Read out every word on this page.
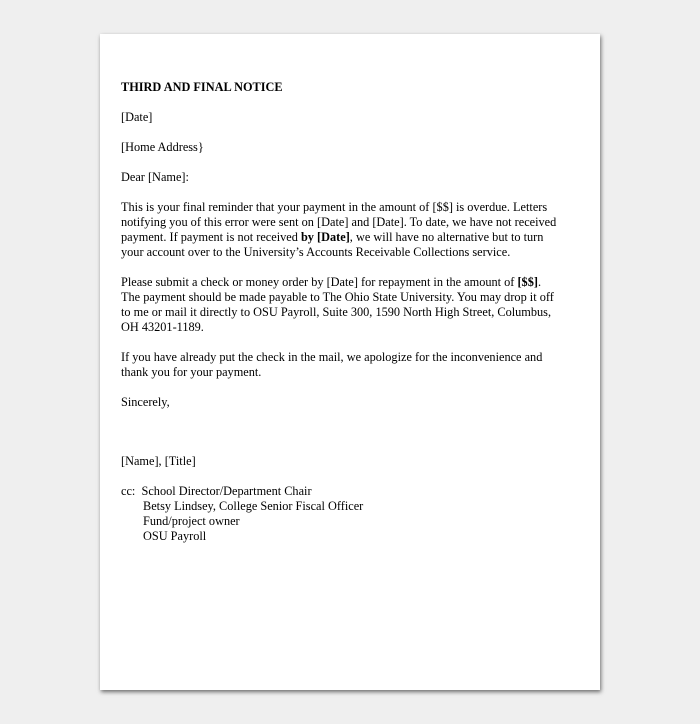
THIRD AND FINAL NOTICE
[Date]
[Home Address}
Dear [Name]:
This is your final reminder that your payment in the amount of [$$] is overdue. Letters
notifying you of this error were sent on [Date] and [Date]. To date, we have not received
payment. If payment is not received by [Date], we will have no alternative but to turn
your account over to the University’s Accounts Receivable Collections service.
Please submit a check or money order by [Date] for repayment in the amount of [$$].
The payment should be made payable to The Ohio State University. You may drop it off
to me or mail it directly to OSU Payroll, Suite 300, 1590 North High Street, Columbus,
OH 43201-1189.
If you have already put the check in the mail, we apologize for the inconvenience and
thank you for your payment.
Sincerely,
[Name], [Title]
cc: School Director/Department Chair
Betsy Lindsey, College Senior Fiscal Officer
Fund/project owner
OSU Payroll
